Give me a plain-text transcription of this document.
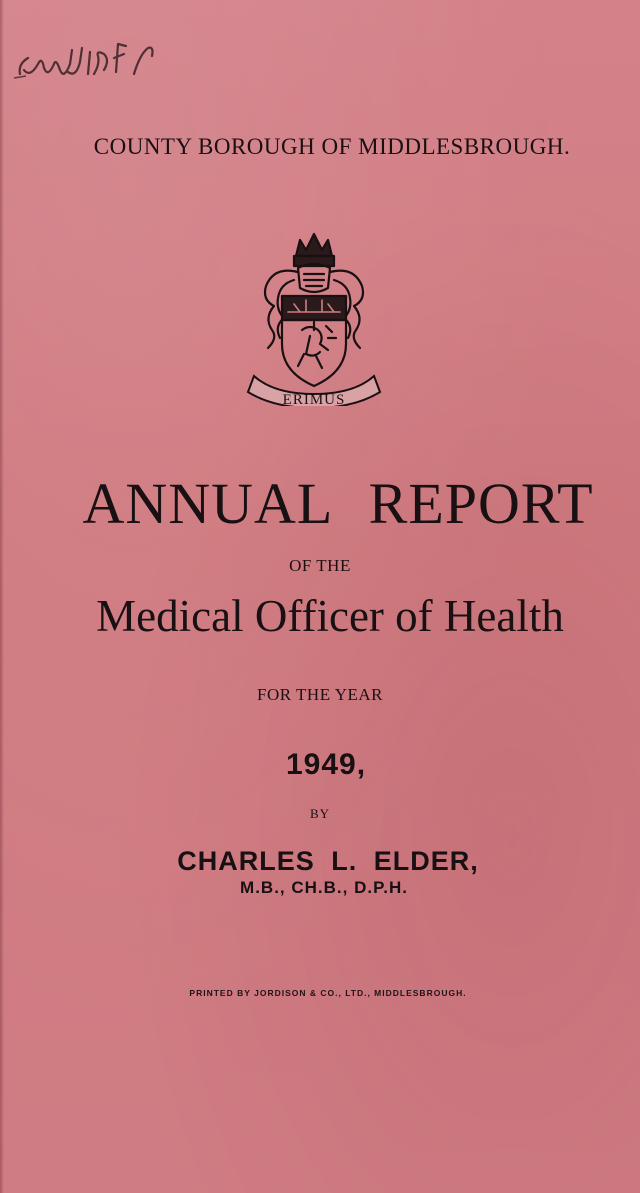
COUNTY BOROUGH OF MIDDLESBROUGH.
ERIMUS
ANNUAL REPORT
OF THE
Medical Officer of Health
FOR THE YEAR
1949,
BY
CHARLES L. ELDER,
M.B., CH.B., D.P.H.
PRINTED BY JORDISON & CO., LTD., MIDDLESBROUGH.
